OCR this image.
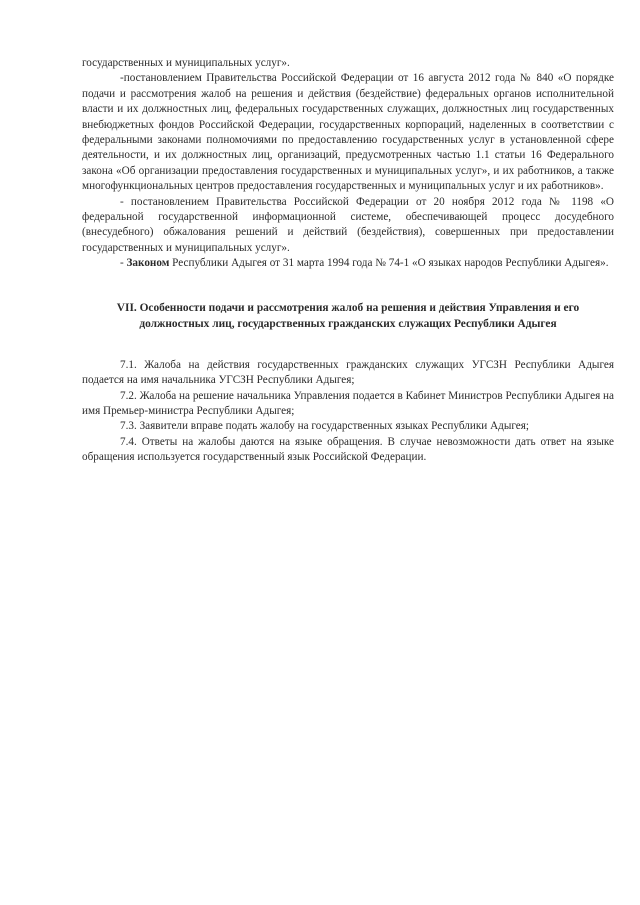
государственных и муниципальных услуг».

-постановлением Правительства Российской Федерации от 16 августа 2012 года № 840 «О порядке подачи и рассмотрения жалоб на решения и действия (бездействие) федеральных органов исполнительной власти и их должностных лиц, федеральных государственных служащих, должностных лиц государственных внебюджетных фондов Российской Федерации, государственных корпораций, наделенных в соответствии с федеральными законами полномочиями по предоставлению государственных услуг в установленной сфере деятельности, и их должностных лиц, организаций, предусмотренных частью 1.1 статьи 16 Федерального закона «Об организации предоставления государственных и муниципальных услуг», и их работников, а также многофункциональных центров предоставления государственных и муниципальных услуг и их работников».

- постановлением Правительства Российской Федерации от 20 ноября 2012 года № 1198 «О федеральной государственной информационной системе, обеспечивающей процесс досудебного (внесудебного) обжалования решений и действий (бездействия), совершенных при предоставлении государственных и муниципальных услуг».

- Законом Республики Адыгея от 31 марта 1994 года № 74-1 «О языках народов Республики Адыгея».

VII. Особенности подачи и рассмотрения жалоб на решения и действия Управления и его должностных лиц, государственных гражданских служащих Республики Адыгея

7.1. Жалоба на действия государственных гражданских служащих УГСЗН Республики Адыгея подается на имя начальника УГСЗН Республики Адыгея;

7.2. Жалоба на решение начальника Управления подается в Кабинет Министров Республики Адыгея на имя Премьер-министра Республики Адыгея;

7.3. Заявители вправе подать жалобу на государственных языках Республики Адыгея;

7.4. Ответы на жалобы даются на языке обращения. В случае невозможности дать ответ на языке обращения используется государственный язык Российской Федерации.
